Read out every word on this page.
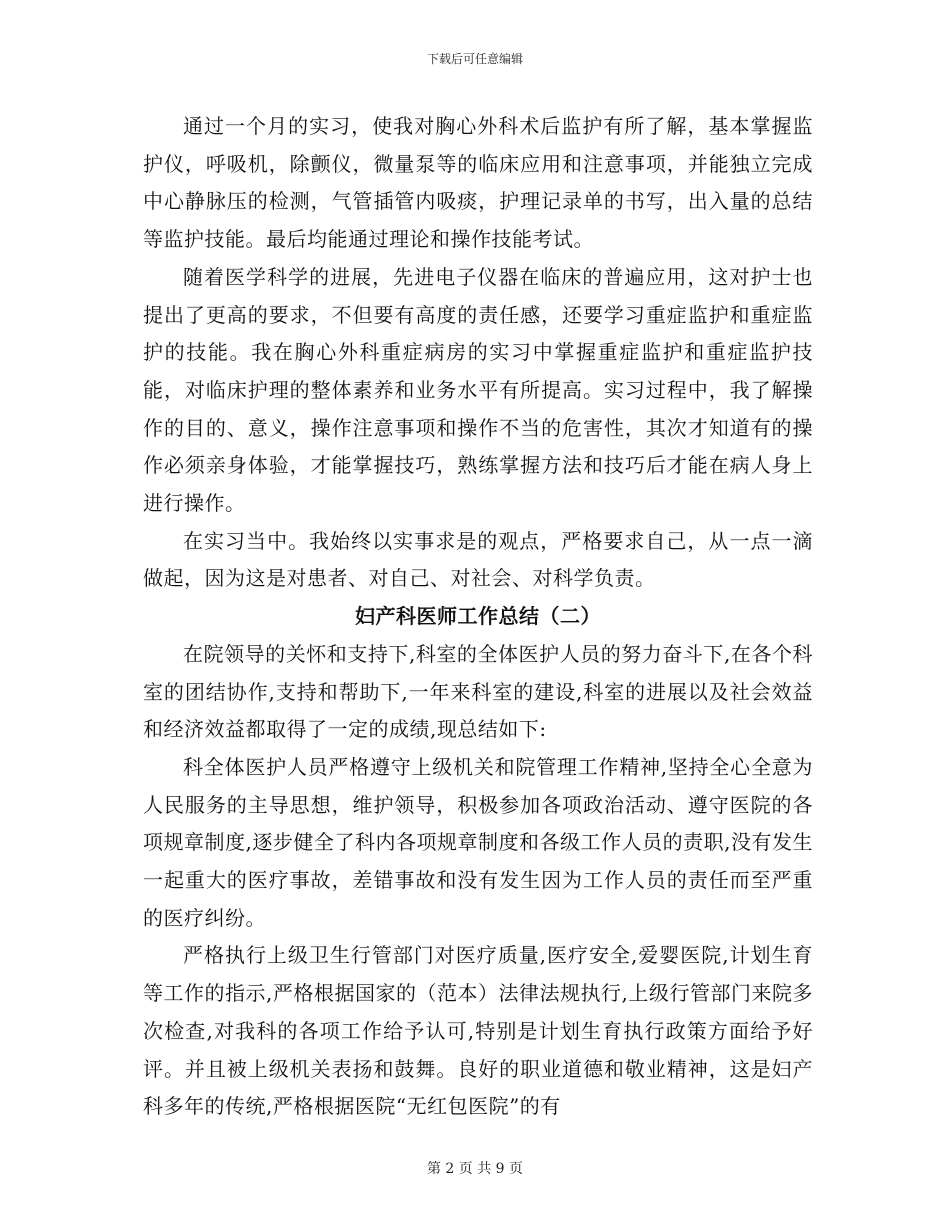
下载后可任意编辑

通过一个月的实习，使我对胸心外科术后监护有所了解，基本掌握监护仪，呼吸机，除颤仪，微量泵等的临床应用和注意事项，并能独立完成中心静脉压的检测，气管插管内吸痰，护理记录单的书写，出入量的总结等监护技能。最后均能通过理论和操作技能考试。

随着医学科学的进展，先进电子仪器在临床的普遍应用，这对护士也提出了更高的要求，不但要有高度的责任感，还要学习重症监护和重症监护的技能。我在胸心外科重症病房的实习中掌握重症监护和重症监护技能，对临床护理的整体素养和业务水平有所提高。实习过程中，我了解操作的目的、意义，操作注意事项和操作不当的危害性，其次才知道有的操作必须亲身体验，才能掌握技巧，熟练掌握方法和技巧后才能在病人身上进行操作。

在实习当中。我始终以实事求是的观点，严格要求自己，从一点一滴做起，因为这是对患者、对自己、对社会、对科学负责。

妇产科医师工作总结（二）

在院领导的关怀和支持下,科室的全体医护人员的努力奋斗下,在各个科室的团结协作,支持和帮助下,一年来科室的建设,科室的进展以及社会效益和经济效益都取得了一定的成绩,现总结如下:

科全体医护人员严格遵守上级机关和院管理工作精神,坚持全心全意为人民服务的主导思想，维护领导，积极参加各项政治活动、遵守医院的各项规章制度,逐步健全了科内各项规章制度和各级工作人员的责职,没有发生一起重大的医疗事故，差错事故和没有发生因为工作人员的责任而至严重的医疗纠纷。

严格执行上级卫生行管部门对医疗质量,医疗安全,爱婴医院,计划生育等工作的指示,严格根据国家的（范本）法律法规执行,上级行管部门来院多次检查,对我科的各项工作给予认可,特别是计划生育执行政策方面给予好评。并且被上级机关表扬和鼓舞。良好的职业道德和敬业精神，这是妇产科多年的传统,严格根据医院“无红包医院”的有

第 2 页 共 9 页
